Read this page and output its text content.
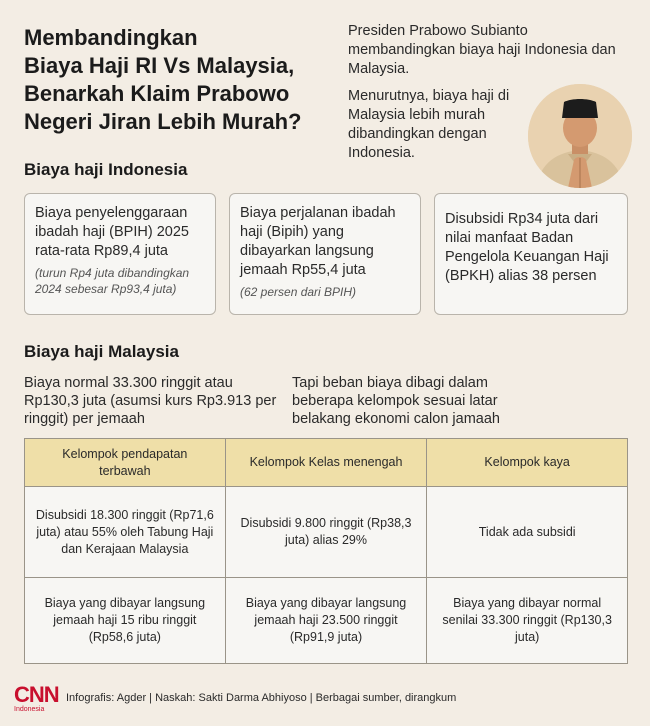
Membandingkan
Biaya Haji RI Vs Malaysia,
Benarkah Klaim Prabowo
Negeri Jiran Lebih Murah?

Presiden Prabowo Subianto membandingkan biaya haji Indonesia dan Malaysia.

Menurutnya, biaya haji di Malaysia lebih murah dibandingkan dengan Indonesia.

Biaya haji Indonesia
Biaya penyelenggaraan ibadah haji (BPIH) 2025 rata-rata Rp89,4 juta
(turun Rp4 juta dibandingkan 2024 sebesar Rp93,4 juta)
Biaya perjalanan ibadah haji (Bipih) yang dibayarkan langsung jemaah Rp55,4 juta
(62 persen dari BPIH)
Disubsidi Rp34 juta dari nilai manfaat Badan Pengelola Keuangan Haji (BPKH) alias 38 persen
Biaya haji Malaysia
Biaya normal 33.300 ringgit atau Rp130,3 juta (asumsi kurs Rp3.913 per ringgit) per jemaah
Tapi beban biaya dibagi dalam beberapa kelompok sesuai latar belakang ekonomi calon jamaah
Kelompok pendapatan terbawah	Kelompok Kelas menengah	Kelompok kaya
Disubsidi 18.300 ringgit (Rp71,6 juta) atau 55% oleh Tabung Haji dan Kerajaan Malaysia	Disubsidi 9.800 ringgit (Rp38,3 juta) alias 29%	Tidak ada subsidi
Biaya yang dibayar langsung jemaah haji 15 ribu ringgit (Rp58,6 juta)	Biaya yang dibayar langsung jemaah haji 23.500 ringgit (Rp91,9 juta)	Biaya yang dibayar normal senilai 33.300 ringgit (Rp130,3 juta)
CNN
Indonesia
Infografis: Agder | Naskah: Sakti Darma Abhiyoso | Berbagai sumber, dirangkum
